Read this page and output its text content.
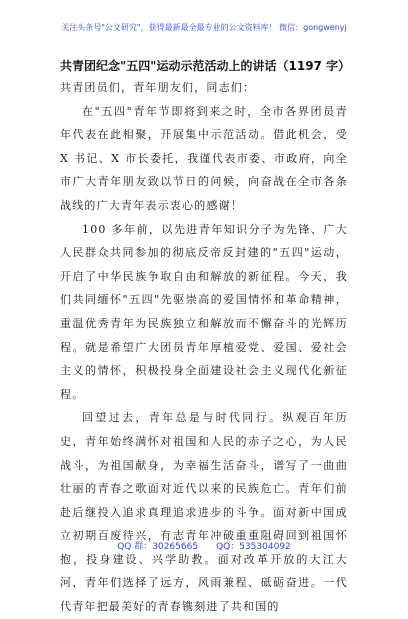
关注头条号"公文研究"，获得最新最全最专业的公文资料库！ 微信：gongwenyj
共青团纪念"五四"运动示范活动上的讲话（1197 字）

共青团员们，青年朋友们，同志们：

在"五四"青年节即将到来之时，全市各界团员青年代表在此相聚，开展集中示范活动。借此机会，受 X 书记、X 市长委托，我谨代表市委、市政府，向全市广大青年朋友致以节日的问候，向奋战在全市各条战线的广大青年表示衷心的感谢！

100 多年前，以先进青年知识分子为先锋、广大人民群众共同参加的彻底反帝反封建的"五四"运动，开启了中华民族争取自由和解放的新征程。今天，我们共同缅怀"五四"先驱崇高的爱国情怀和革命精神，重温优秀青年为民族独立和解放而不懈奋斗的光辉历程。就是希望广大团员青年厚植爱党、爱国、爱社会主义的情怀，积极投身全面建设社会主义现代化新征程。

回望过去，青年总是与时代同行。纵观百年历史，青年始终满怀对祖国和人民的赤子之心，为人民战斗，为祖国献身，为幸福生活奋斗，谱写了一曲曲壮丽的青春之歌面对近代以来的民族危亡。青年们前赴后继投入追求真理追求进步的斗争。面对新中国成立初期百废待兴，有志青年冲破重重阻碍回到祖国怀抱，投身建设、兴学助教。面对改革开放的大江大河，青年们选择了远方，风雨兼程、砥砺奋进。一代代青年把最美好的青春镌刻进了共和国的

QQ 群：30265665 QQ：535304092
